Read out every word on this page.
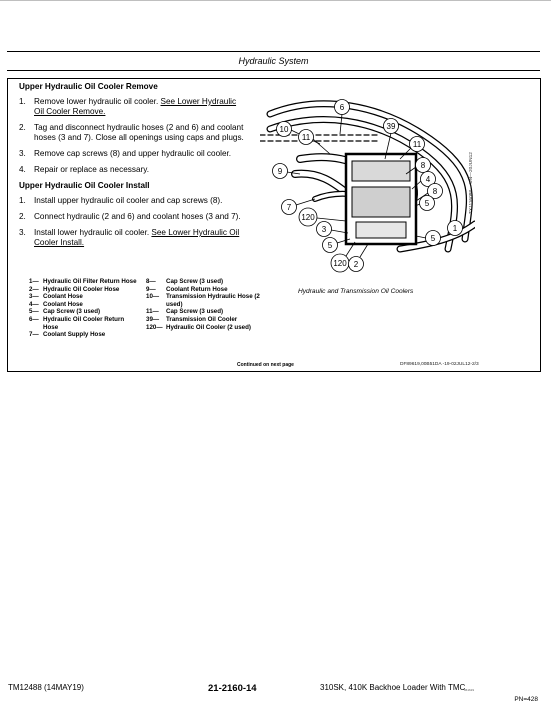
Hydraulic System
Upper Hydraulic Oil Cooler Remove
1. Remove lower hydraulic oil cooler. See Lower Hydraulic Oil Cooler Remove.
2. Tag and disconnect hydraulic hoses (2 and 6) and coolant hoses (3 and 7). Close all openings using caps and plugs.
3. Remove cap screws (8) and upper hydraulic oil cooler.
4. Repair or replace as necessary.
Upper Hydraulic Oil Cooler Install
1. Install upper hydraulic oil cooler and cap screws (8).
2. Connect hydraulic (2 and 6) and coolant hoses (3 and 7).
3. Install lower hydraulic oil cooler. See Lower Hydraulic Oil Cooler Install.
6
10	39
11
11
8
9
4
7
8
5
120
3	1
5
5
120 2
TX1116098 —UN—20JUN12
Hydraulic and Transmission Oil Coolers
1— Hydraulic Oil Filter Return Hose
2— Hydraulic Oil Cooler Hose
3— Coolant Hose
4— Coolant Hose
5— Cap Screw (3 used)
6— Hydraulic Oil Cooler Return Hose
7— Coolant Supply Hose
8— Cap Screw (3 used)
9— Coolant Return Hose
10— Transmission Hydraulic Hose (2 used)
11— Cap Screw (3 used)
39— Transmission Oil Cooler
120— Hydraulic Oil Cooler (2 used)
Continued on next page	DF89619,00B51DA -19-02JUL12-2/3
TM12488 (14MAY19)	21-2160-14	310SK, 410K Backhoe Loader With TMC
061619
PN=428
